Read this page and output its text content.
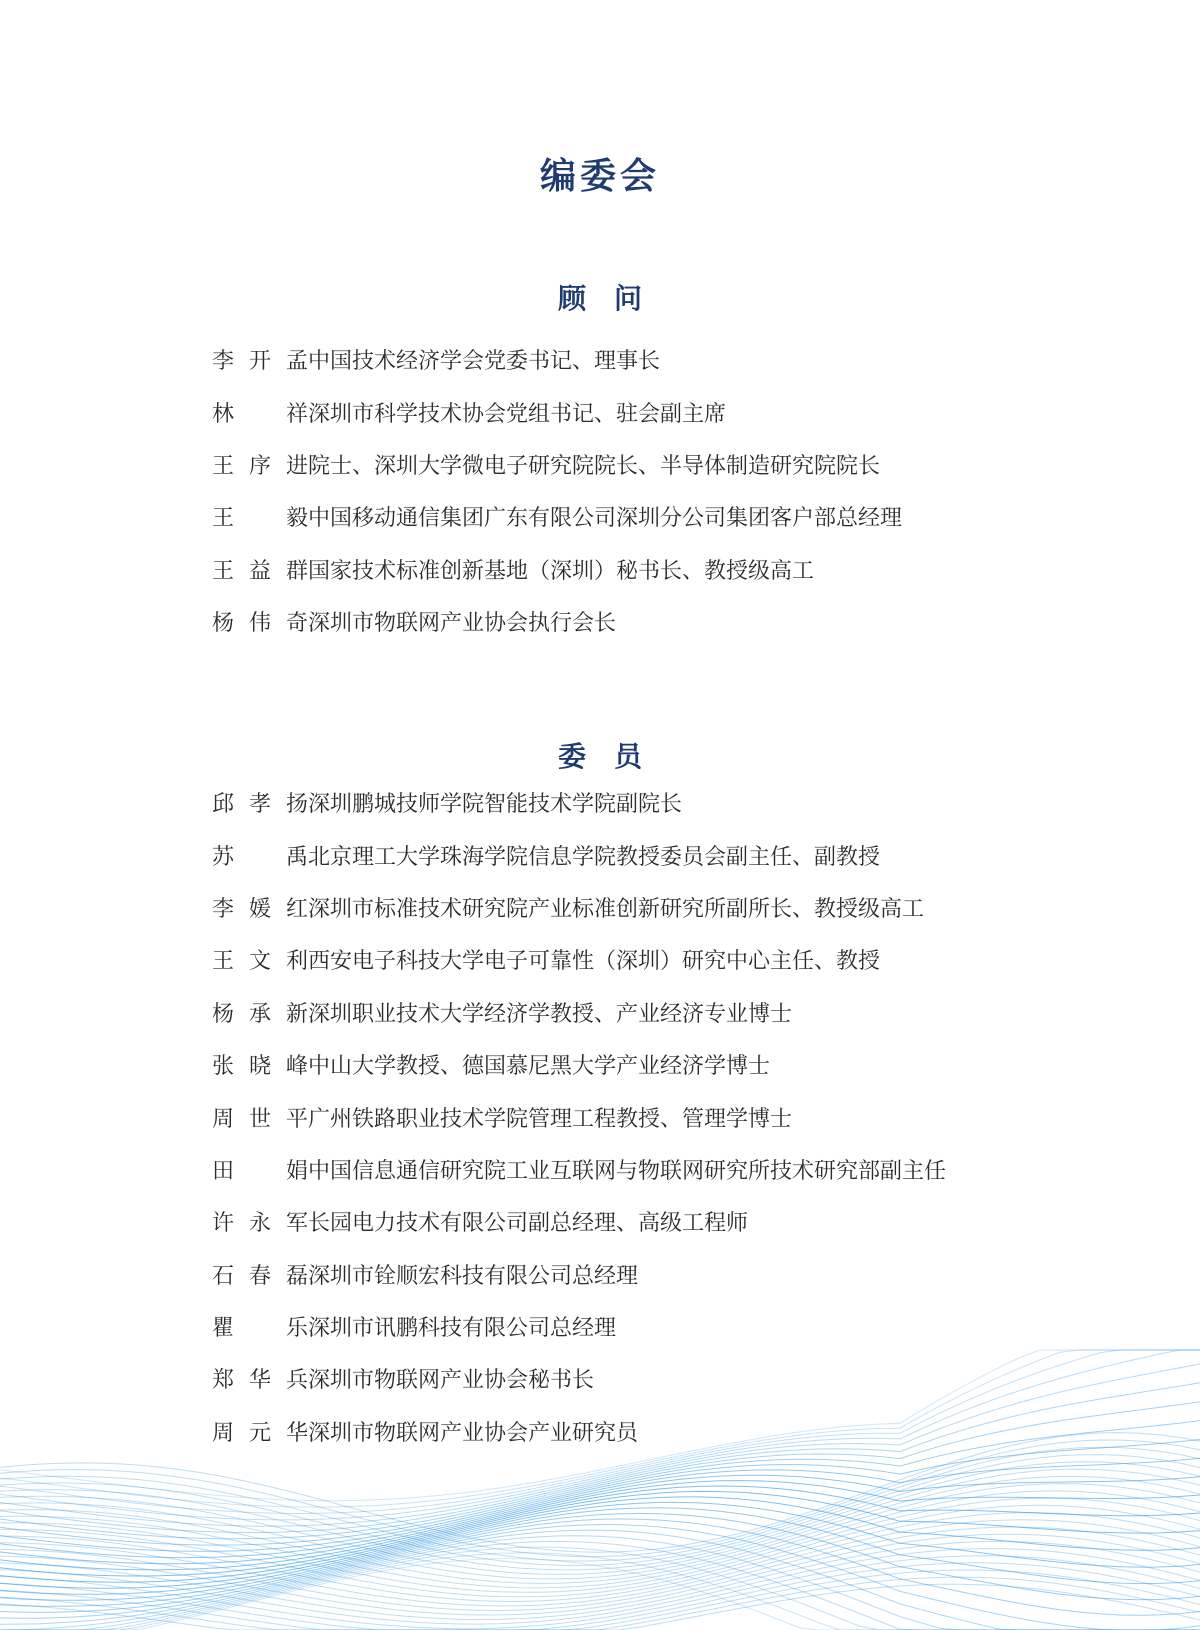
编委会
顾　问
李 开 孟 中国技术经济学会党委书记、理事长
林 祥 深圳市科学技术协会党组书记、驻会副主席
王 序 进 院士、深圳大学微电子研究院院长、半导体制造研究院院长
王 毅 中国移动通信集团广东有限公司深圳分公司集团客户部总经理
王 益 群 国家技术标准创新基地（深圳）秘书长、教授级高工
杨 伟 奇 深圳市物联网产业协会执行会长
委　员
邱 孝 扬 深圳鹏城技师学院智能技术学院副院长
苏 禹 北京理工大学珠海学院信息学院教授委员会副主任、副教授
李 媛 红 深圳市标准技术研究院产业标准创新研究所副所长、教授级高工
王 文 利 西安电子科技大学电子可靠性（深圳）研究中心主任、教授
杨 承 新 深圳职业技术大学经济学教授、产业经济专业博士
张 晓 峰 中山大学教授、德国慕尼黑大学产业经济学博士
周 世 平 广州铁路职业技术学院管理工程教授、管理学博士
田 娟 中国信息通信研究院工业互联网与物联网研究所技术研究部副主任
许 永 军 长园电力技术有限公司副总经理、高级工程师
石 春 磊 深圳市铨顺宏科技有限公司总经理
瞿 乐 深圳市讯鹏科技有限公司总经理
郑 华 兵 深圳市物联网产业协会秘书长
周 元 华 深圳市物联网产业协会产业研究员
